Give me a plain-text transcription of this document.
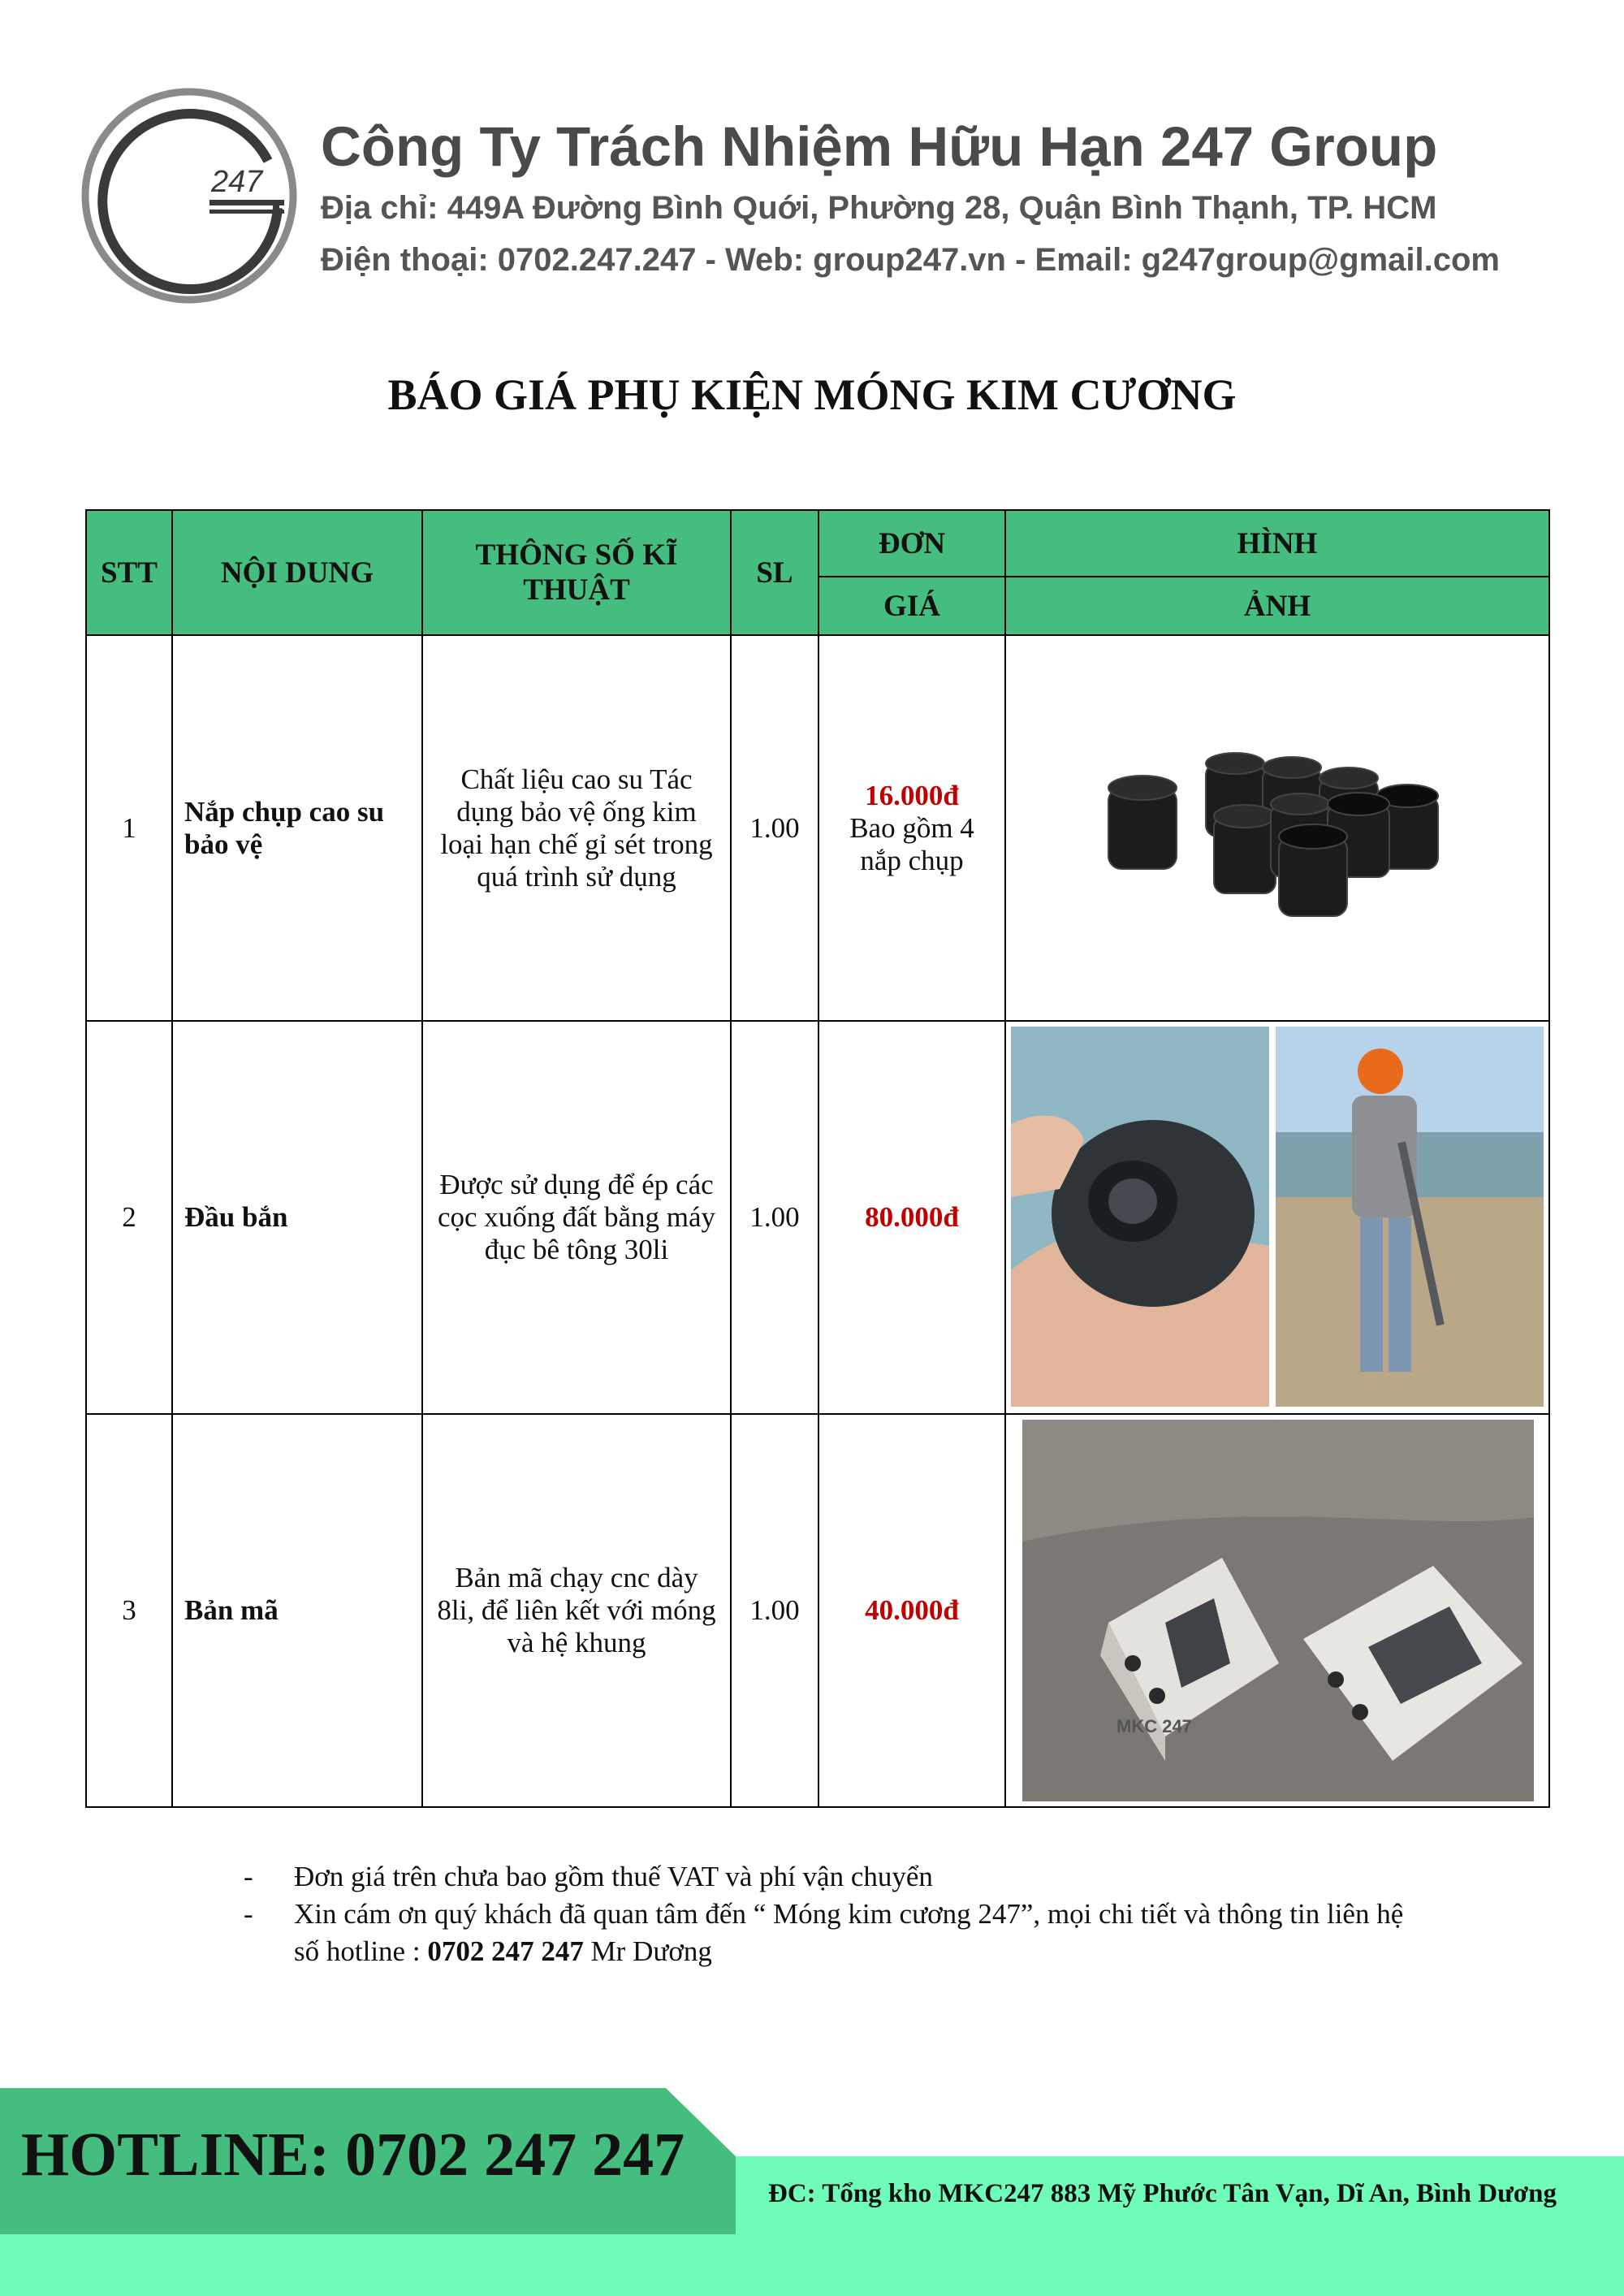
247
Công Ty Trách Nhiệm Hữu Hạn 247 Group
Địa chỉ: 449A Đường Bình Quới, Phường 28, Quận Bình Thạnh, TP. HCM
Điện thoại: 0702.247.247 - Web: group247.vn - Email: g247group@gmail.com
BÁO GIÁ PHỤ KIỆN MÓNG KIM CƯƠNG
STT	NỘI DUNG	THÔNG SỐ KĨ THUẬT	SL	ĐƠN	HÌNH
				GIÁ	ẢNH
1	Nắp chụp cao su bảo vệ	Chất liệu cao su Tác dụng bảo vệ ống kim loại hạn chế gỉ sét trong quá trình sử dụng	1.00	16.000đ
Bao gồm 4 nắp chụp	

2	Đầu bắn	Được sử dụng để ép các cọc xuống đất bằng máy đục bê tông 30li	1.00	80.000đ

3	Bản mã	Bản mã chạy cnc dày 8li, để liên kết với móng và hệ khung	1.00	40.000đ	MKC 247
- Đơn giá trên chưa bao gồm thuế VAT và phí vận chuyển
- Xin cám ơn quý khách đã quan tâm đến “ Móng kim cương 247”, mọi chi tiết và thông tin liên hệ số hotline : 0702 247 247 Mr Dương
HOTLINE: 0702 247 247
ĐC: Tổng kho MKC247 883 Mỹ Phước Tân Vạn, Dĩ An, Bình Dương
